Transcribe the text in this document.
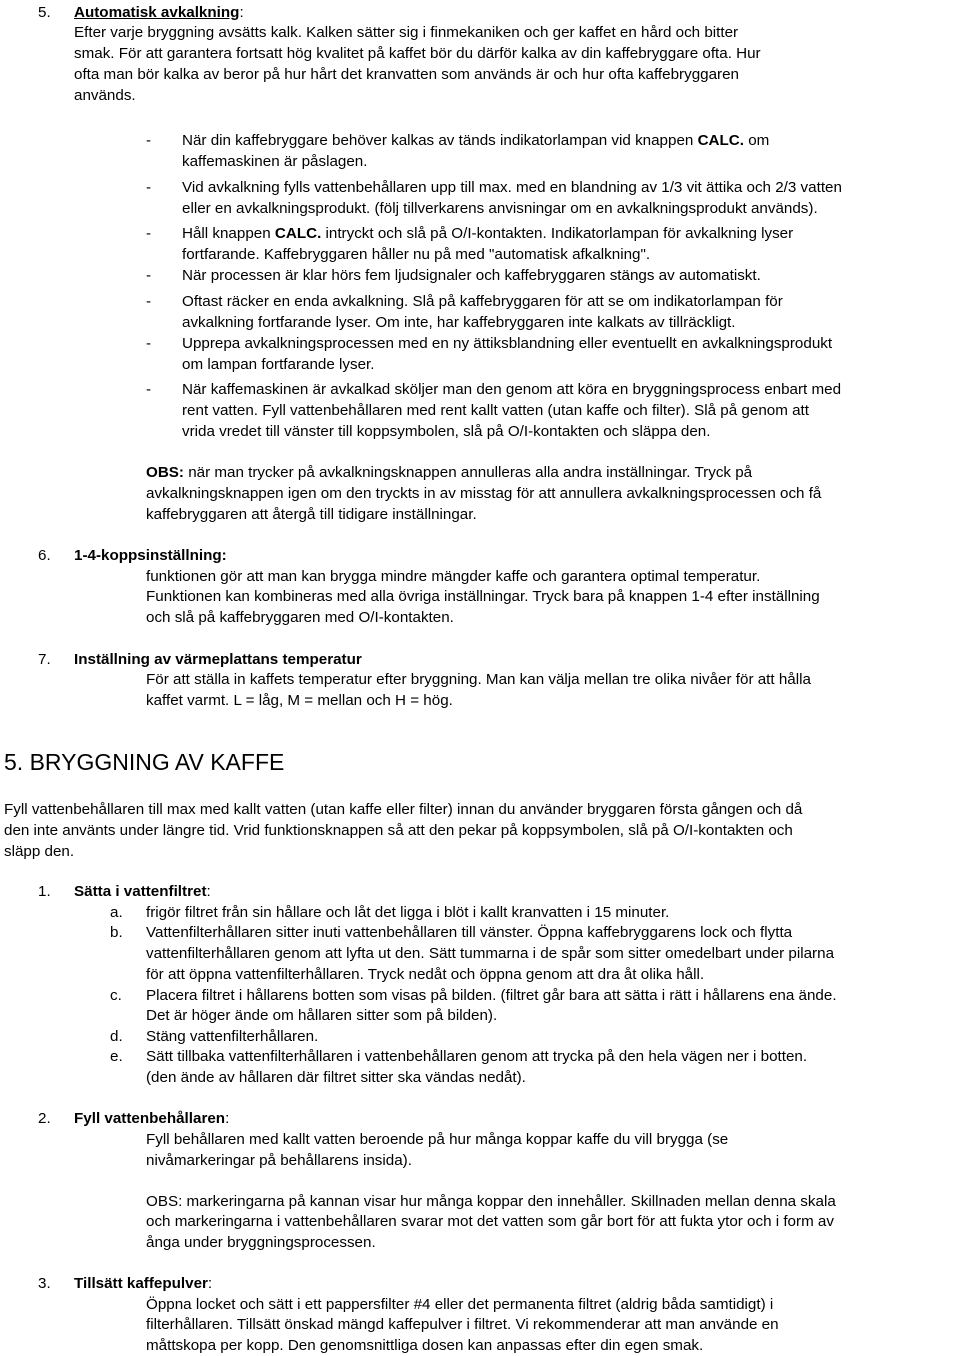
5. Automatisk avkalkning:
Efter varje bryggning avsätts kalk. Kalken sätter sig i finmekaniken och ger kaffet en hård och bitter
smak. För att garantera fortsatt hög kvalitet på kaffet bör du därför kalka av din kaffebryggare ofta. Hur
ofta man bör kalka av beror på hur hårt det kranvatten som används är och hur ofta kaffebryggaren
används.
- När din kaffebryggare behöver kalkas av tänds indikatorlampan vid knappen CALC. om
kaffemaskinen är påslagen.
- Vid avkalkning fylls vattenbehållaren upp till max. med en blandning av 1/3 vit ättika och 2/3 vatten
eller en avkalkningsprodukt. (följ tillverkarens anvisningar om en avkalkningsprodukt används).
- Håll knappen CALC. intryckt och slå på O/I-kontakten. Indikatorlampan för avkalkning lyser
fortfarande. Kaffebryggaren håller nu på med "automatisk afkalkning".
- När processen är klar hörs fem ljudsignaler och kaffebryggaren stängs av automatiskt.
- Oftast räcker en enda avkalkning. Slå på kaffebryggaren för att se om indikatorlampan för
avkalkning fortfarande lyser. Om inte, har kaffebryggaren inte kalkats av tillräckligt.
- Upprepa avkalkningsprocessen med en ny ättiksblandning eller eventuellt en avkalkningsprodukt
om lampan fortfarande lyser.
- När kaffemaskinen är avkalkad sköljer man den genom att köra en bryggningsprocess enbart med
rent vatten. Fyll vattenbehållaren med rent kallt vatten (utan kaffe och filter). Slå på genom att
vrida vredet till vänster till koppsymbolen, slå på O/I-kontakten och släppa den.
OBS: när man trycker på avkalkningsknappen annulleras alla andra inställningar. Tryck på
avkalkningsknappen igen om den tryckts in av misstag för att annullera avkalkningsprocessen och få
kaffebryggaren att återgå till tidigare inställningar.
6. 1-4-koppsinställning:
funktionen gör att man kan brygga mindre mängder kaffe och garantera optimal temperatur.
Funktionen kan kombineras med alla övriga inställningar. Tryck bara på knappen 1-4 efter inställning
och slå på kaffebryggaren med O/I-kontakten.
7. Inställning av värmeplattans temperatur
För att ställa in kaffets temperatur efter bryggning. Man kan välja mellan tre olika nivåer för att hålla
kaffet varmt. L = låg, M = mellan och H = hög.
5. BRYGGNING AV KAFFE
Fyll vattenbehållaren till max med kallt vatten (utan kaffe eller filter) innan du använder bryggaren första gången och då
den inte använts under längre tid. Vrid funktionsknappen så att den pekar på koppsymbolen, slå på O/I-kontakten och
släpp den.
1. Sätta i vattenfiltret:
a. frigör filtret från sin hållare och låt det ligga i blöt i kallt kranvatten i 15 minuter.
b. Vattenfilterhållaren sitter inuti vattenbehållaren till vänster. Öppna kaffebryggarens lock och flytta
vattenfilterhållaren genom att lyfta ut den. Sätt tummarna i de spår som sitter omedelbart under pilarna
för att öppna vattenfilterhållaren. Tryck nedåt och öppna genom att dra åt olika håll.
c. Placera filtret i hållarens botten som visas på bilden. (filtret går bara att sätta i rätt i hållarens ena ände.
Det är höger ände om hållaren sitter som på bilden).
d. Stäng vattenfilterhållaren.
e. Sätt tillbaka vattenfilterhållaren i vattenbehållaren genom att trycka på den hela vägen ner i botten.
(den ände av hållaren där filtret sitter ska vändas nedåt).
2. Fyll vattenbehållaren:
Fyll behållaren med kallt vatten beroende på hur många koppar kaffe du vill brygga (se
nivåmarkeringar på behållarens insida).
OBS: markeringarna på kannan visar hur många koppar den innehåller. Skillnaden mellan denna skala
och markeringarna i vattenbehållaren svarar mot det vatten som går bort för att fukta ytor och i form av
ånga under bryggningsprocessen.
3. Tillsätt kaffepulver:
Öppna locket och sätt i ett pappersfilter #4 eller det permanenta filtret (aldrig båda samtidigt) i
filterhållaren. Tillsätt önskad mängd kaffepulver i filtret. Vi rekommenderar att man använde en
måttskopa per kopp. Den genomsnittliga dosen kan anpassas efter din egen smak.
